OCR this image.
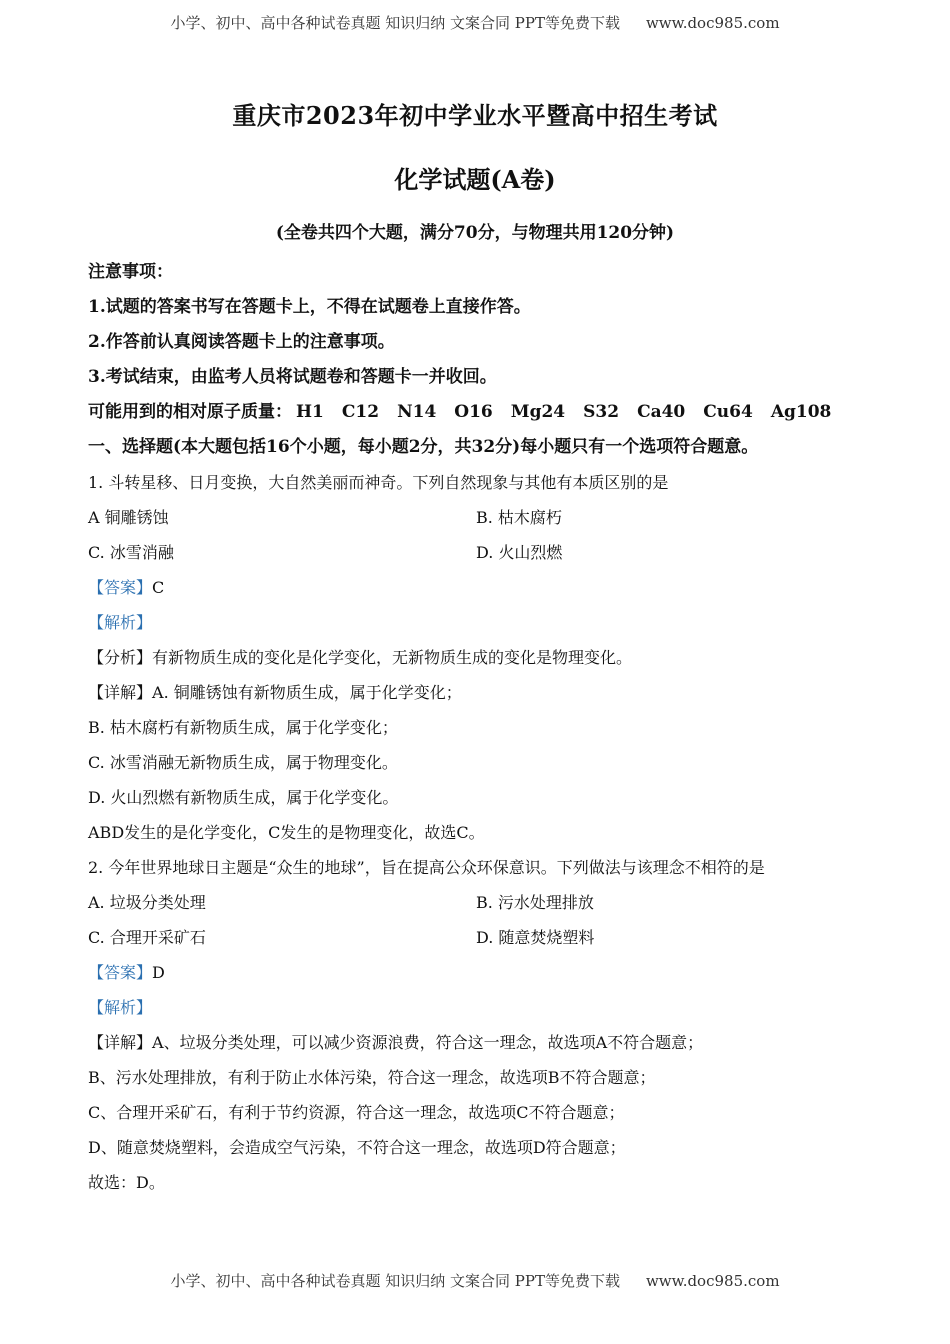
小学、初中、高中各种试卷真题 知识归纳 文案合同 PPT等免费下载 www.doc985.com
重庆市2023年初中学业水平暨高中招生考试
化学试题(A卷)
(全卷共四个大题，满分70分，与物理共用120分钟)
注意事项：
1.试题的答案书写在答题卡上，不得在试题卷上直接作答。
2.作答前认真阅读答题卡上的注意事项。
3.考试结束，由监考人员将试题卷和答题卡一并收回。
可能用到的相对原子质量： H1 C12 N14 O16 Mg24 S32 Ca40 Cu64 Ag108
一、选择题(本大题包括16个小题，每小题2分，共32分)每小题只有一个选项符合题意。
1. 斗转星移、日月变换，大自然美丽而神奇。下列自然现象与其他有本质区别的是
A 铜雕锈蚀	B. 枯木腐朽
C. 冰雪消融	D. 火山烈燃
【答案】C
【解析】
【分析】有新物质生成的变化是化学变化，无新物质生成的变化是物理变化。
【详解】A. 铜雕锈蚀有新物质生成，属于化学变化；
B. 枯木腐朽有新物质生成，属于化学变化；
C. 冰雪消融无新物质生成，属于物理变化。
D. 火山烈燃有新物质生成，属于化学变化。
ABD发生的是化学变化，C发生的是物理变化，故选C。
2. 今年世界地球日主题是“众生的地球”，旨在提高公众环保意识。下列做法与该理念不相符的是
A. 垃圾分类处理	B. 污水处理排放
C. 合理开采矿石	D. 随意焚烧塑料
【答案】D
【解析】
【详解】A、垃圾分类处理，可以减少资源浪费，符合这一理念，故选项A不符合题意；
B、污水处理排放，有利于防止水体污染，符合这一理念，故选项B不符合题意；
C、合理开采矿石，有利于节约资源，符合这一理念，故选项C不符合题意；
D、随意焚烧塑料，会造成空气污染，不符合这一理念，故选项D符合题意；
故选：D。
小学、初中、高中各种试卷真题 知识归纳 文案合同 PPT等免费下载 www.doc985.com
